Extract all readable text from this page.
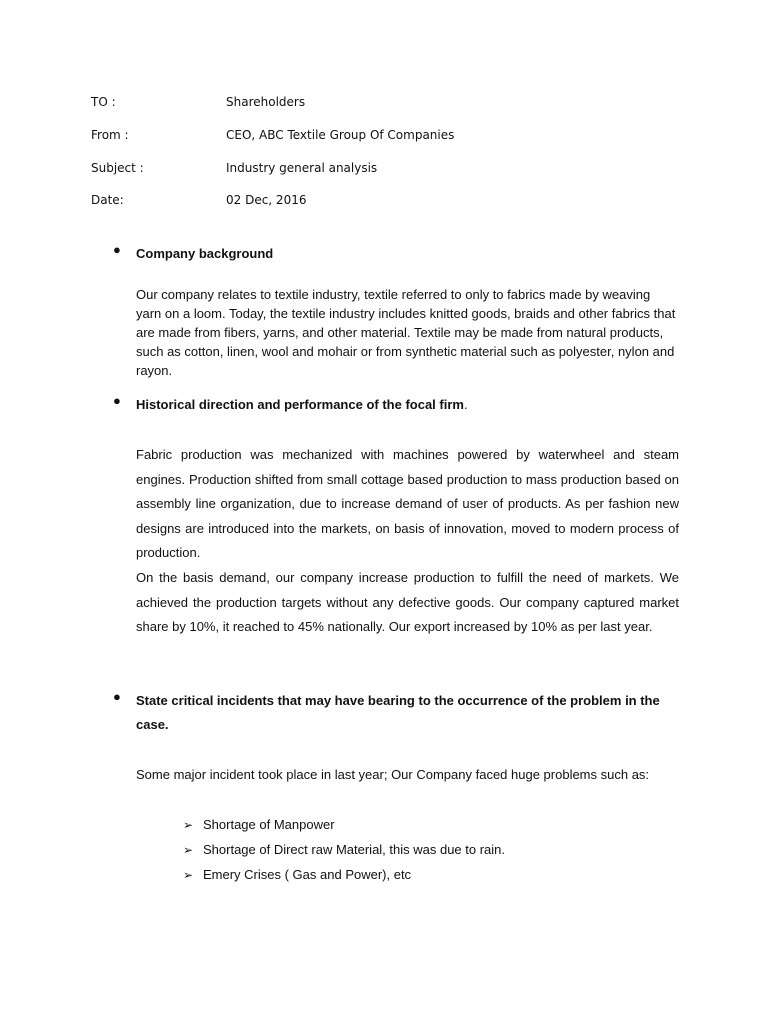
TO :	Shareholders
From :	CEO, ABC Textile Group Of Companies
Subject :	Industry general analysis
Date:	02 Dec, 2016
● Company background

Our company relates to textile industry, textile referred to only to fabrics made by weaving yarn on a loom. Today, the textile industry includes knitted goods, braids and other fabrics that are made from fibers, yarns, and other material. Textile may be made from natural products, such as cotton, linen, wool and mohair or from synthetic material such as polyester, nylon and rayon.

● Historical direction and performance of the focal firm.

Fabric production was mechanized with machines powered by waterwheel and steam engines. Production shifted from small cottage based production to mass production based on assembly line organization, due to increase demand of user of products. As per fashion new designs are introduced into the markets, on basis of innovation, moved to modern process of production.

On the basis demand, our company increase production to fulfill the need of markets. We achieved the production targets without any defective goods. Our company captured market share by 10%, it reached to 45% nationally. Our export increased by 10% as per last year.

● State critical incidents that may have bearing to the occurrence of the problem in the case.

Some major incident took place in last year; Our Company faced huge problems such as:

➢ Shortage of Manpower
➢ Shortage of Direct raw Material, this was due to rain.
➢ Emery Crises ( Gas and Power), etc
